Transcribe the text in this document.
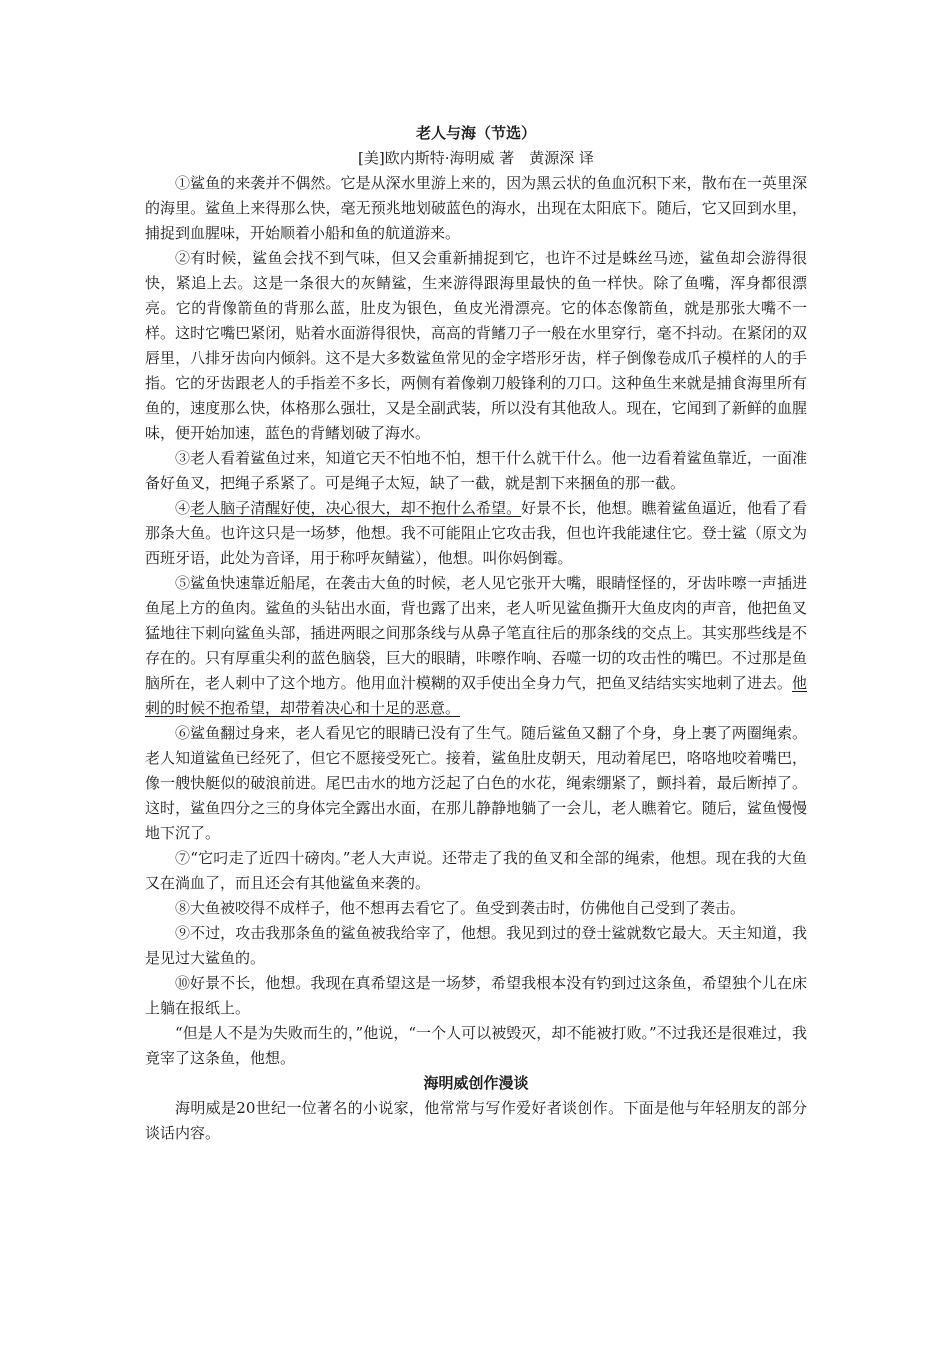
老人与海（节选）

[美]欧内斯特·海明威 著　黄源深 译

①鲨鱼的来袭并不偶然。它是从深水里游上来的，因为黑云状的鱼血沉积下来，散布在一英里深的海里。鲨鱼上来得那么快，毫无预兆地划破蓝色的海水，出现在太阳底下。随后，它又回到水里，捕捉到血腥味，开始顺着小船和鱼的航道游来。

②有时候，鲨鱼会找不到气味，但又会重新捕捉到它，也许不过是蛛丝马迹，鲨鱼却会游得很快，紧追上去。这是一条很大的灰鲭鲨，生来游得跟海里最快的鱼一样快。除了鱼嘴，浑身都很漂亮。它的背像箭鱼的背那么蓝，肚皮为银色，鱼皮光滑漂亮。它的体态像箭鱼，就是那张大嘴不一样。这时它嘴巴紧闭，贴着水面游得很快，高高的背鳍刀子一般在水里穿行，毫不抖动。在紧闭的双唇里，八排牙齿向内倾斜。这不是大多数鲨鱼常见的金字塔形牙齿，样子倒像卷成爪子模样的人的手指。它的牙齿跟老人的手指差不多长，两侧有着像剃刀般锋利的刀口。这种鱼生来就是捕食海里所有鱼的，速度那么快，体格那么强壮，又是全副武装，所以没有其他敌人。现在，它闻到了新鲜的血腥味，便开始加速，蓝色的背鳍划破了海水。

③老人看着鲨鱼过来，知道它天不怕地不怕，想干什么就干什么。他一边看着鲨鱼靠近，一面准备好鱼叉，把绳子系紧了。可是绳子太短，缺了一截，就是割下来捆鱼的那一截。

④老人脑子清醒好使，决心很大，却不抱什么希望。好景不长，他想。瞧着鲨鱼逼近，他看了看那条大鱼。也许这只是一场梦，他想。我不可能阻止它攻击我，但也许我能逮住它。登士鲨（原文为西班牙语，此处为音译，用于称呼灰鲭鲨），他想。叫你妈倒霉。

⑤鲨鱼快速靠近船尾，在袭击大鱼的时候，老人见它张开大嘴，眼睛怪怪的，牙齿咔嚓一声插进鱼尾上方的鱼肉。鲨鱼的头钻出水面，背也露了出来，老人听见鲨鱼撕开大鱼皮肉的声音，他把鱼叉猛地往下刺向鲨鱼头部，插进两眼之间那条线与从鼻子笔直往后的那条线的交点上。其实那些线是不存在的。只有厚重尖利的蓝色脑袋，巨大的眼睛，咔嚓作响、吞噬一切的攻击性的嘴巴。不过那是鱼脑所在，老人刺中了这个地方。他用血汁模糊的双手使出全身力气，把鱼叉结结实实地刺了进去。他刺的时候不抱希望，却带着决心和十足的恶意。

⑥鲨鱼翻过身来，老人看见它的眼睛已没有了生气。随后鲨鱼又翻了个身，身上裹了两圈绳索。老人知道鲨鱼已经死了，但它不愿接受死亡。接着，鲨鱼肚皮朝天，甩动着尾巴，咯咯地咬着嘴巴，像一艘快艇似的破浪前进。尾巴击水的地方泛起了白色的水花，绳索绷紧了，颤抖着，最后断掉了。这时，鲨鱼四分之三的身体完全露出水面，在那儿静静地躺了一会儿，老人瞧着它。随后，鲨鱼慢慢地下沉了。

⑦“它叼走了近四十磅肉。”老人大声说。还带走了我的鱼叉和全部的绳索，他想。现在我的大鱼又在淌血了，而且还会有其他鲨鱼来袭的。

⑧大鱼被咬得不成样子，他不想再去看它了。鱼受到袭击时，仿佛他自己受到了袭击。

⑨不过，攻击我那条鱼的鲨鱼被我给宰了，他想。我见到过的登士鲨就数它最大。天主知道，我是见过大鲨鱼的。

⑩好景不长，他想。我现在真希望这是一场梦，希望我根本没有钓到过这条鱼，希望独个儿在床上躺在报纸上。

“但是人不是为失败而生的，”他说，“一个人可以被毁灭，却不能被打败。”不过我还是很难过，我竟宰了这条鱼，他想。

海明威创作漫谈

海明威是20世纪一位著名的小说家，他常常与写作爱好者谈创作。下面是他与年轻朋友的部分谈话内容。
